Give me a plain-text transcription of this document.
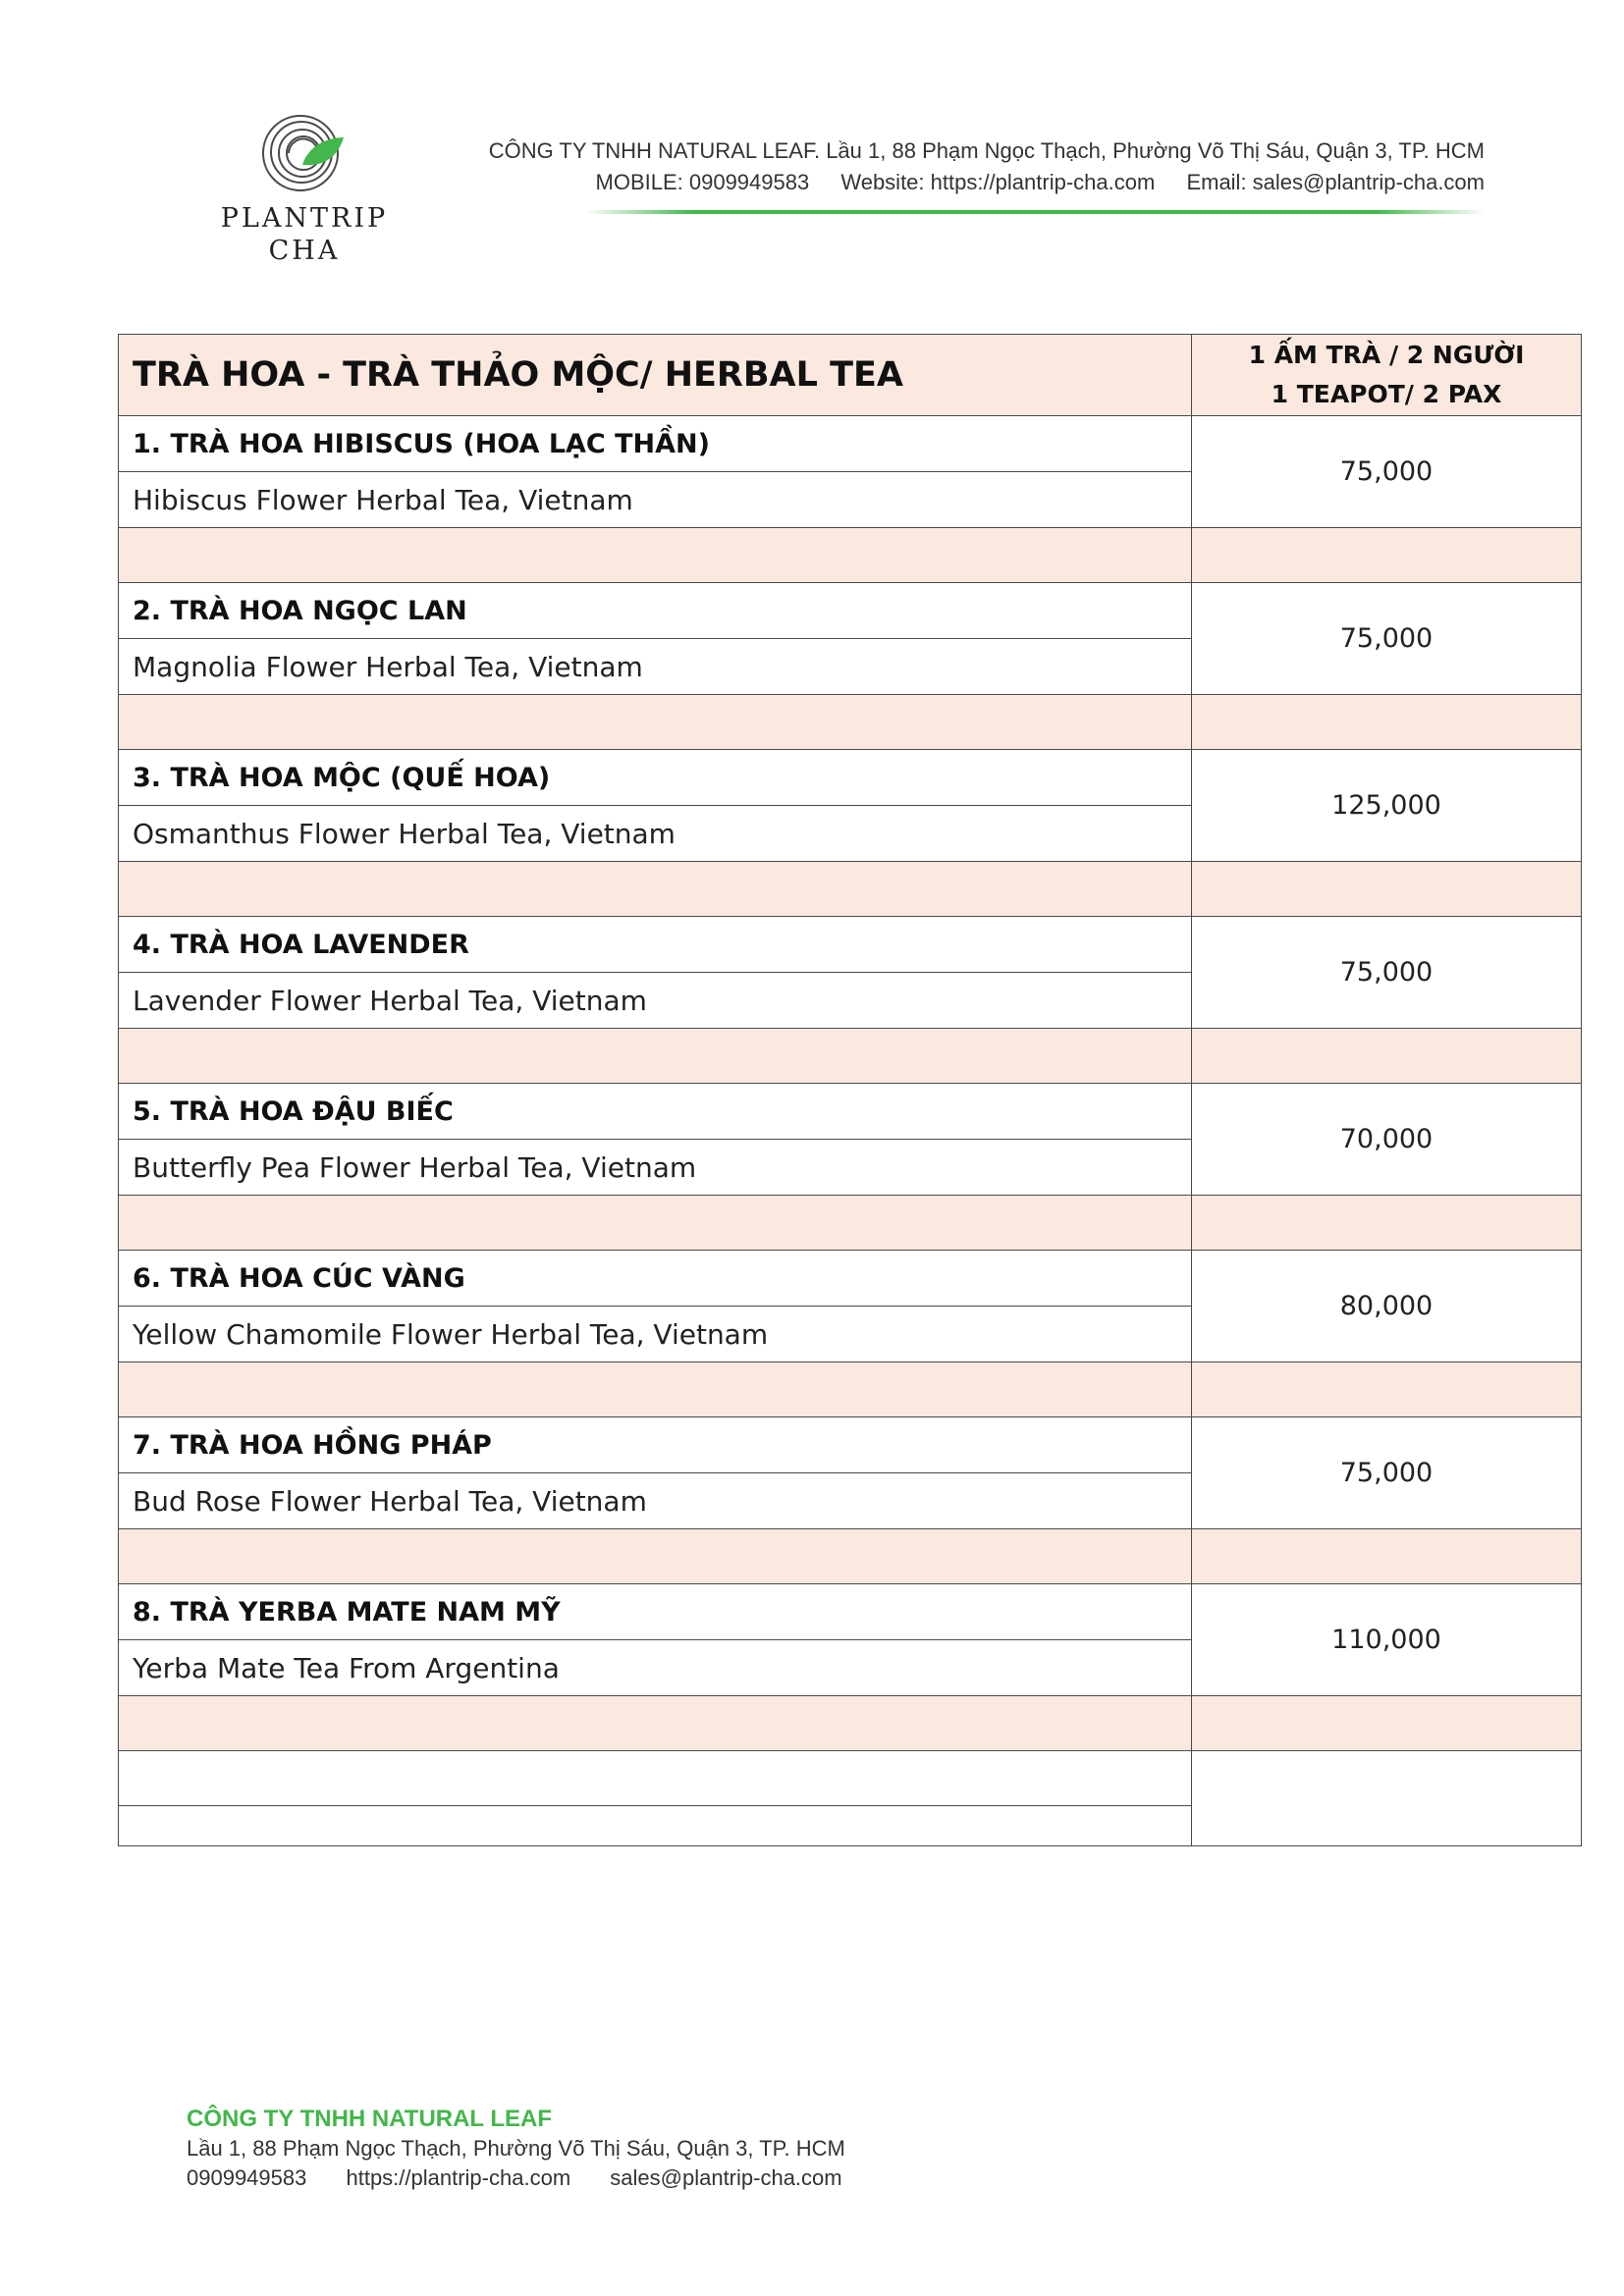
PLANTRIP
CHA
CÔNG TY TNHH NATURAL LEAF. Lầu 1, 88 Phạm Ngọc Thạch, Phường Võ Thị Sáu, Quận 3, TP. HCM
MOBILE: 0909949583 Website: https://plantrip-cha.com Email: sales@plantrip-cha.com
TRÀ HOA - TRÀ THẢO MỘC/ HERBAL TEA	1 ẤM TRÀ / 2 NGƯỜI
1 TEAPOT/ 2 PAX

1. TRÀ HOA HIBISCUS (HOA LẠC THẦN)	75,000
Hibiscus Flower Herbal Tea, Vietnam	

2. TRÀ HOA NGỌC LAN	75,000
Magnolia Flower Herbal Tea, Vietnam	

3. TRÀ HOA MỘC (QUẾ HOA)	125,000
Osmanthus Flower Herbal Tea, Vietnam	

4. TRÀ HOA LAVENDER	75,000
Lavender Flower Herbal Tea, Vietnam	

5. TRÀ HOA ĐẬU BIẾC	70,000
Butterfly Pea Flower Herbal Tea, Vietnam	

6. TRÀ HOA CÚC VÀNG	80,000
Yellow Chamomile Flower Herbal Tea, Vietnam	

7. TRÀ HOA HỒNG PHÁP	75,000
Bud Rose Flower Herbal Tea, Vietnam	

8. TRÀ YERBA MATE NAM MỸ	110,000
Yerba Mate Tea From Argentina	

CÔNG TY TNHH NATURAL LEAF
Lầu 1, 88 Phạm Ngọc Thạch, Phường Võ Thị Sáu, Quận 3, TP. HCM
0909949583 https://plantrip-cha.com sales@plantrip-cha.com
